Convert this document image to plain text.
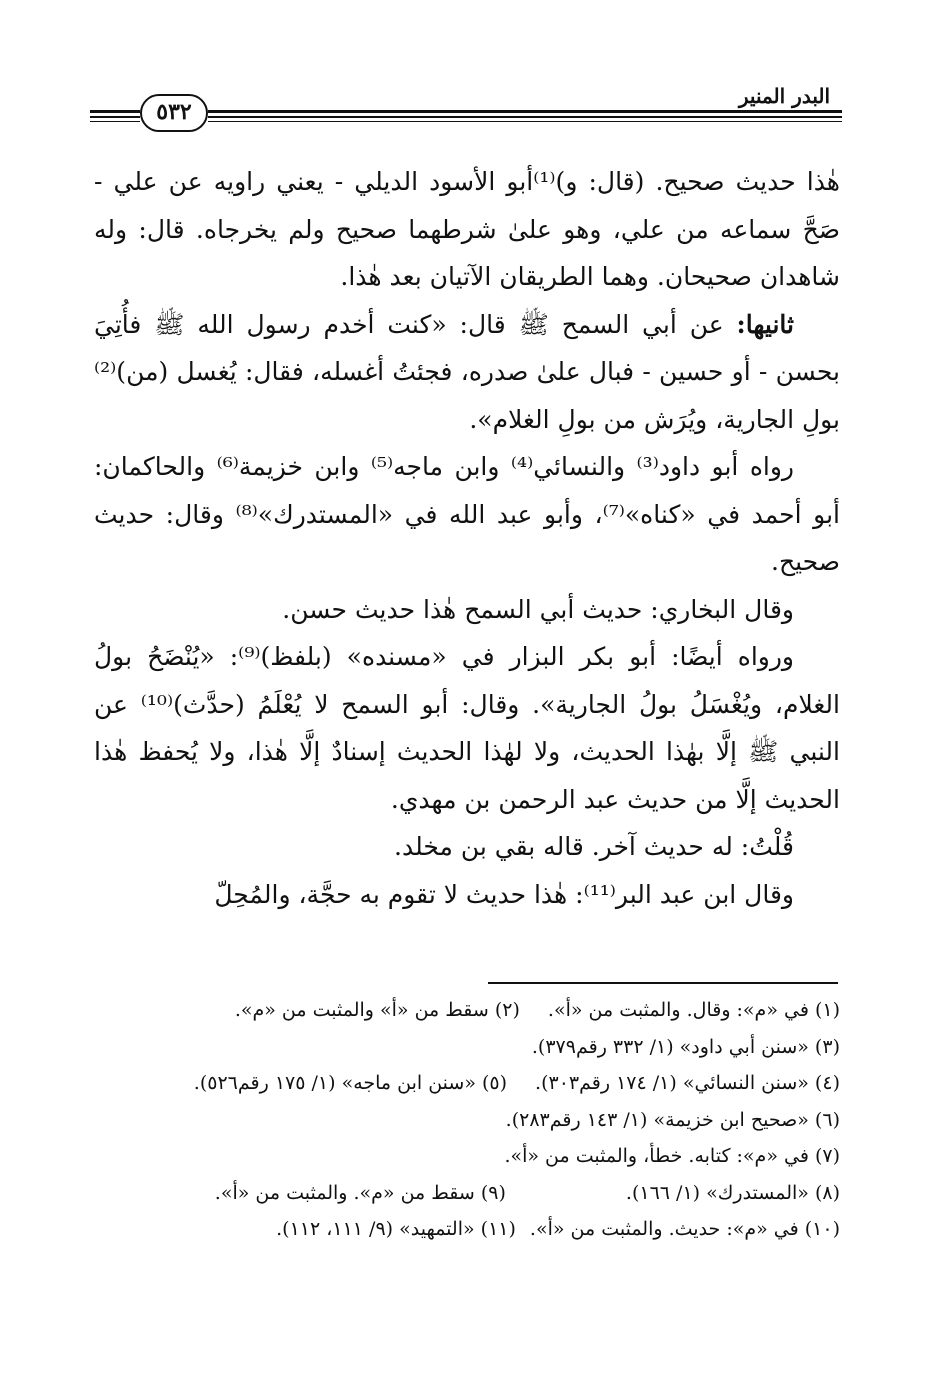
٥٣٢
البدر المنير

هٰذا حديث صحيح. (قال: و)⁽¹⁾أبو الأسود الديلي - يعني راويه عن علي - صَحَّ سماعه من علي، وهو علىٰ شرطهما صحيح ولم يخرجاه. قال: وله شاهدان صحيحان. وهما الطريقان الآتيان بعد هٰذا.

ثانيها: عن أبي السمح ﷺ قال: «كنت أخدم رسول الله ﷺ فأُتِيَ بحسن - أو حسين - فبال علىٰ صدره، فجئتُ أغسله، فقال: يُغسل (من)⁽²⁾ بولِ الجارية، ويُرَش من بولِ الغلام».

رواه أبو داود⁽³⁾ والنسائي⁽⁴⁾ وابن ماجه⁽⁵⁾ وابن خزيمة⁽⁶⁾ والحاكمان: أبو أحمد في «كناه»⁽⁷⁾، وأبو عبد الله في «المستدرك»⁽⁸⁾ وقال: حديث صحيح.

وقال البخاري: حديث أبي السمح هٰذا حديث حسن.

ورواه أيضًا: أبو بكر البزار في «مسنده» (بلفظ)⁽⁹⁾: «يُنْضَحُ بولُ الغلام، ويُغْسَلُ بولُ الجارية». وقال: أبو السمح لا يُعْلَمُ (حدَّث)⁽¹⁰⁾ عن النبي ﷺ إلَّا بهٰذا الحديث، ولا لهٰذا الحديث إسنادٌ إلَّا هٰذا، ولا يُحفظ هٰذا الحديث إلَّا من حديث عبد الرحمن بن مهدي.

قُلْتُ: له حديث آخر. قاله بقي بن مخلد.

وقال ابن عبد البر⁽¹¹⁾: هٰذا حديث لا تقوم به حجَّة، والمُحِلّ

(١) في «م»: وقال. والمثبت من «أ».(٢) سقط من «أ» والمثبت من «م».
(٣) «سنن أبي داود» (١/ ٣٣٢ رقم٣٧٩).
(٤) «سنن النسائي» (١/ ١٧٤ رقم٣٠٣).(٥) «سنن ابن ماجه» (١/ ١٧٥ رقم٥٢٦).
(٦) «صحيح ابن خزيمة» (١/ ١٤٣ رقم٢٨٣).
(٧) في «م»: كتابه. خطأ، والمثبت من «أ».
(٨) «المستدرك» (١/ ١٦٦).(٩) سقط من «م». والمثبت من «أ».
(١٠) في «م»: حديث. والمثبت من «أ».(١١) «التمهيد» (٩/ ١١١، ١١٢).
